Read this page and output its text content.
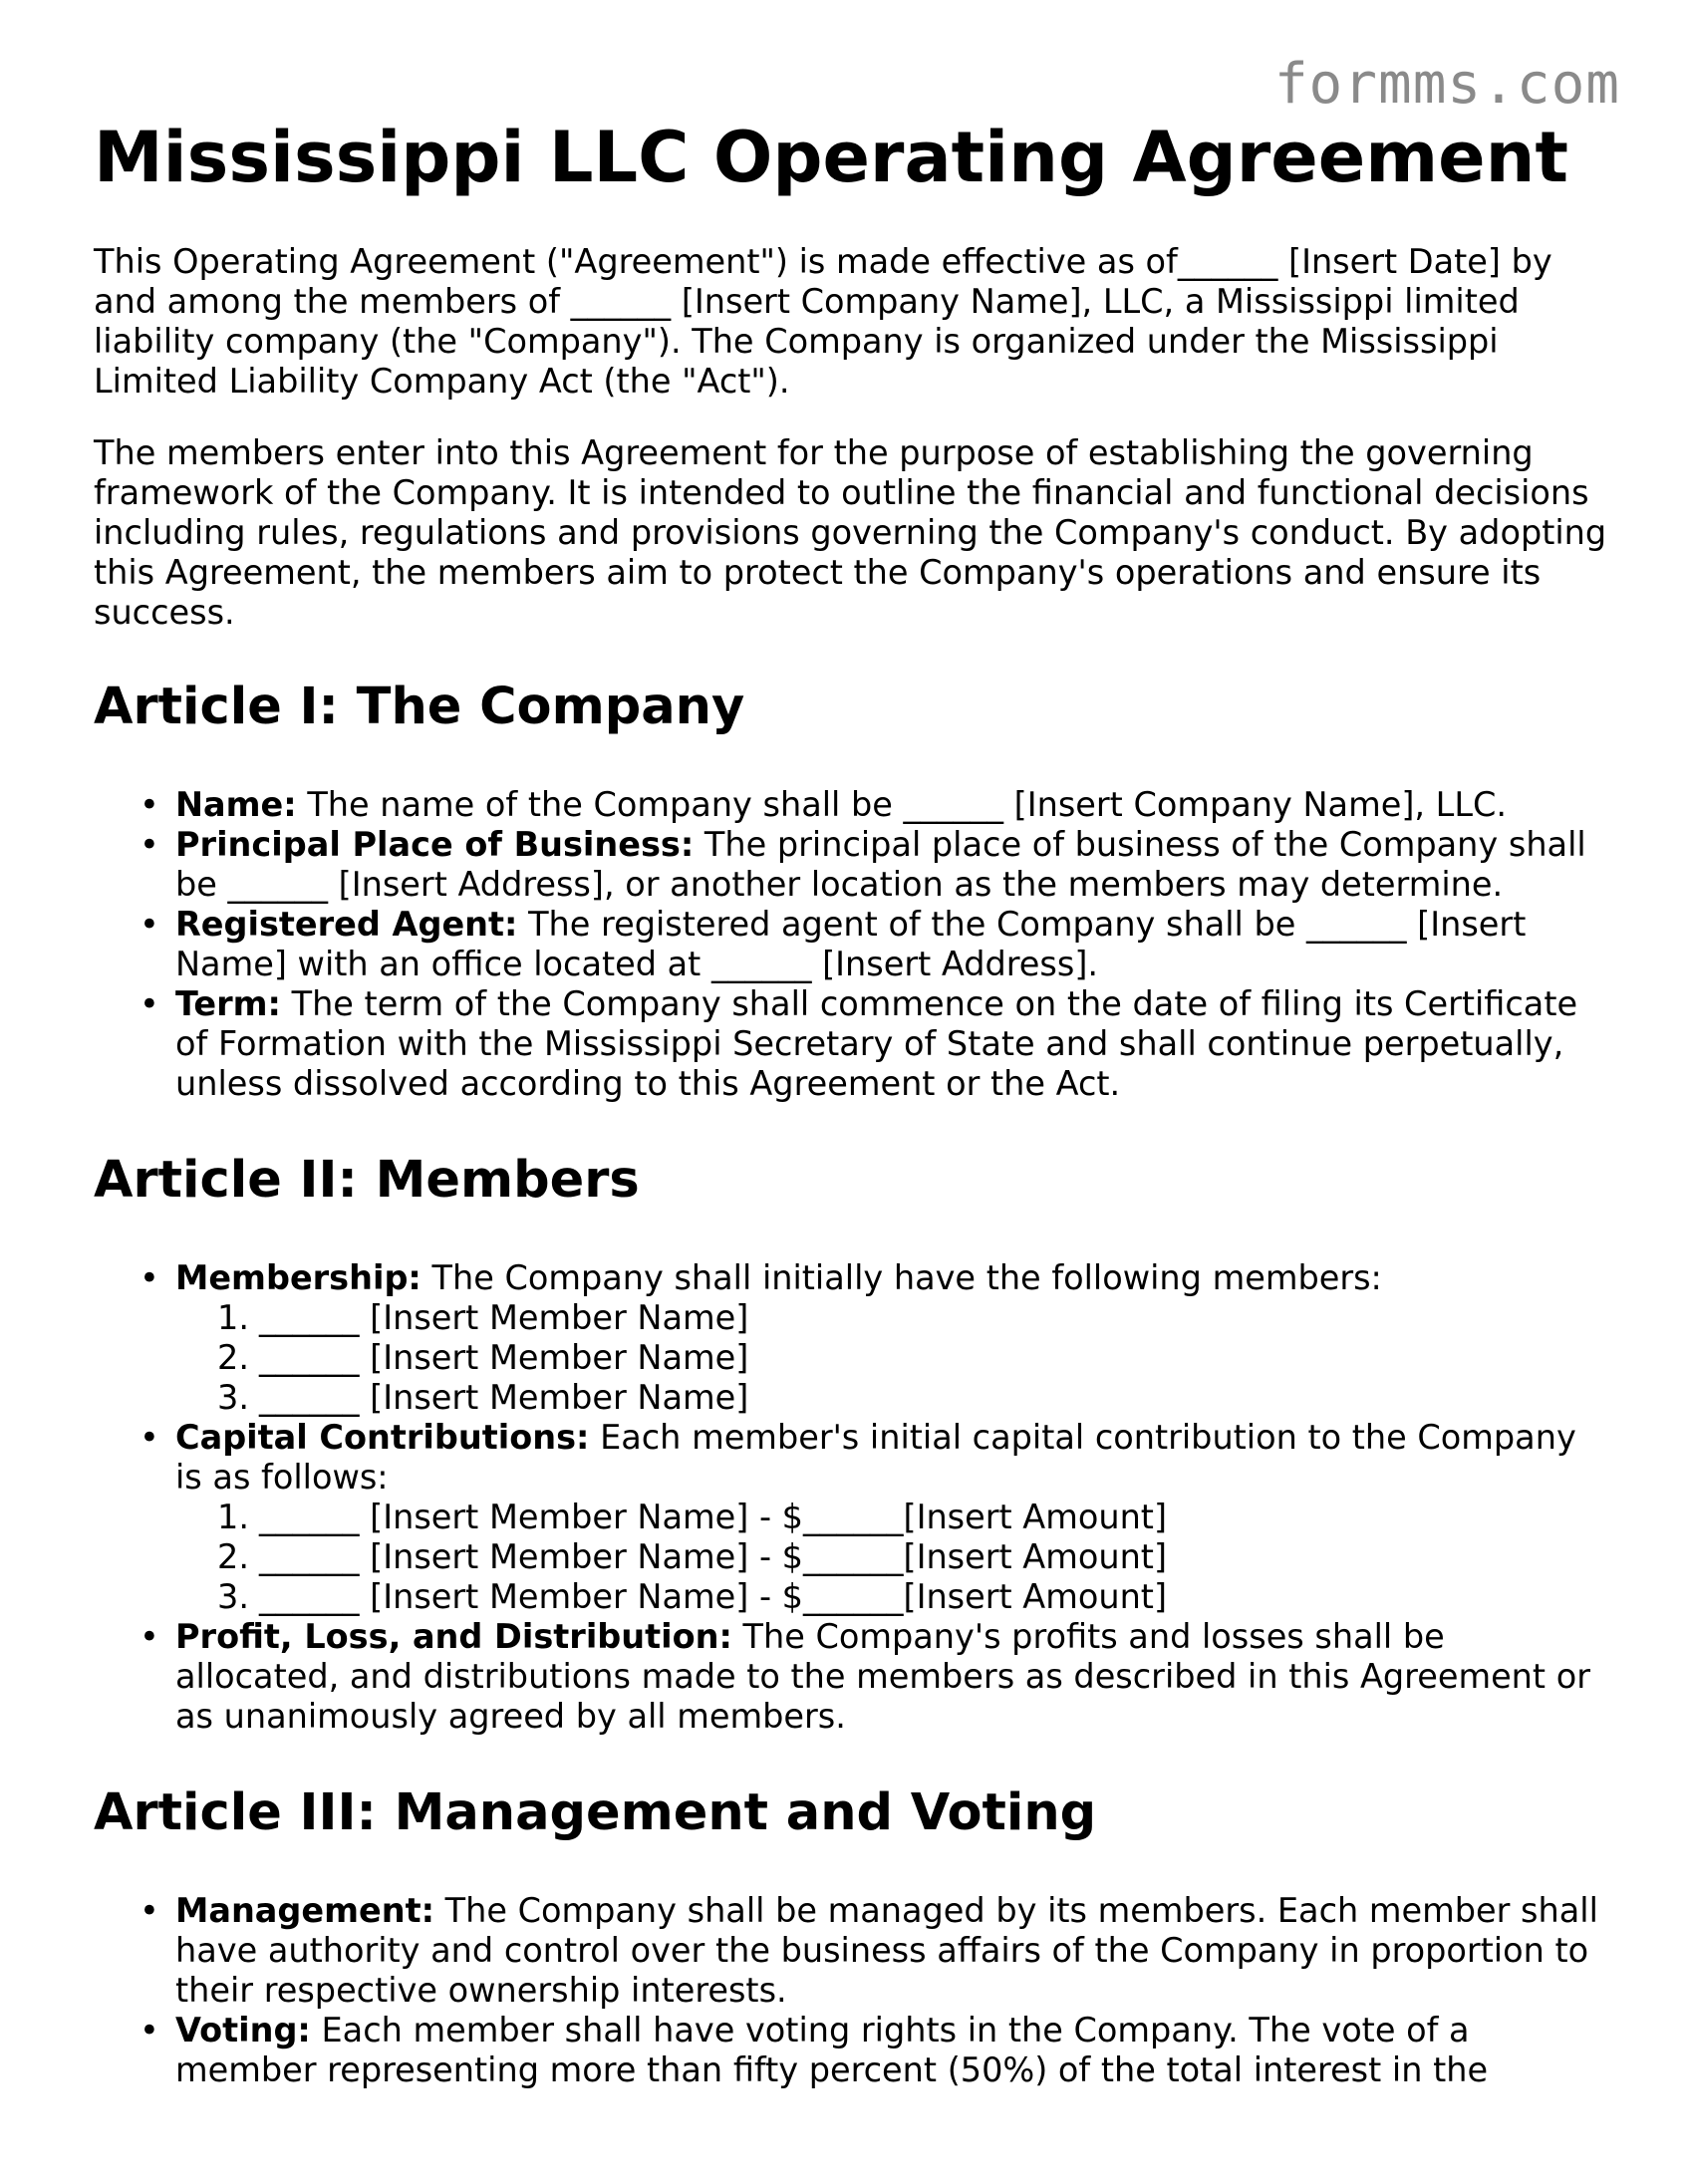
formms.com
Mississippi LLC Operating Agreement

This Operating Agreement ("Agreement") is made effective as of______ [Insert Date] by and among the members of ______ [Insert Company Name], LLC, a Mississippi limited liability company (the "Company"). The Company is organized under the Mississippi Limited Liability Company Act (the "Act").

The members enter into this Agreement for the purpose of establishing the governing framework of the Company. It is intended to outline the financial and functional decisions including rules, regulations and provisions governing the Company's conduct. By adopting this Agreement, the members aim to protect the Company's operations and ensure its success.

Article I: The Company
• Name: The name of the Company shall be ______ [Insert Company Name], LLC.
• Principal Place of Business: The principal place of business of the Company shall be ______ [Insert Address], or another location as the members may determine.
• Registered Agent: The registered agent of the Company shall be ______ [Insert Name] with an office located at ______ [Insert Address].
• Term: The term of the Company shall commence on the date of filing its Certificate of Formation with the Mississippi Secretary of State and shall continue perpetually, unless dissolved according to this Agreement or the Act.
Article II: Members
• Membership: The Company shall initially have the following members:
1. ______ [Insert Member Name]
2. ______ [Insert Member Name]
3. ______ [Insert Member Name]
• Capital Contributions: Each member's initial capital contribution to the Company is as follows:
1. ______ [Insert Member Name] - $______[Insert Amount]
2. ______ [Insert Member Name] - $______[Insert Amount]
3. ______ [Insert Member Name] - $______[Insert Amount]
• Profit, Loss, and Distribution: The Company's profits and losses shall be allocated, and distributions made to the members as described in this Agreement or as unanimously agreed by all members.
Article III: Management and Voting
• Management: The Company shall be managed by its members. Each member shall have authority and control over the business affairs of the Company in proportion to their respective ownership interests.
• Voting: Each member shall have voting rights in the Company. The vote of a member representing more than fifty percent (50%) of the total interest in the
